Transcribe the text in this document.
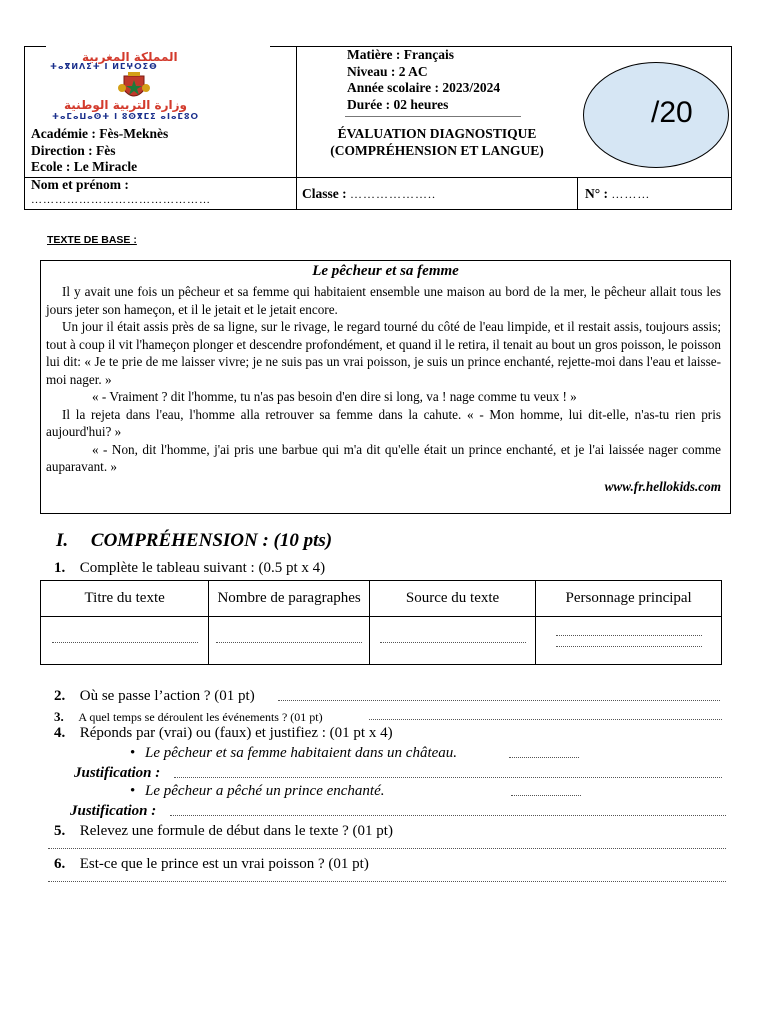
المملكة المغربية
ⵜⴰⴳⵍⴷⵉⵜ ⵏ ⵍⵎⵖⵔⵉⴱ
وزارة التربية الوطنية
ⵜⴰⵎⴰⵡⴰⵙⵜ ⵏ ⵓⵙⴳⵎⵉ ⴰⵏⴰⵎⵓⵔ
Académie : Fès-Meknès
Direction : Fès
Ecole : Le Miracle
Matière : Français
Niveau : 2 AC
Année scolaire : 2023/2024
Durée : 02 heures
ÉVALUATION DIAGNOSTIQUE
(COMPRÉHENSION ET LANGUE)
/20
Nom et prénom :
………………………………………	Classe : ………………..	N° : ………
TEXTE DE BASE :
Le pêcheur et sa femme

Il y avait une fois un pêcheur et sa femme qui habitaient ensemble une maison au bord de la mer, le pêcheur allait tous les jours jeter son hameçon, et il le jetait et le jetait encore.

Un jour il était assis près de sa ligne, sur le rivage, le regard tourné du côté de l'eau limpide, et il restait assis, toujours assis; tout à coup il vit l'hameçon plonger et descendre profondément, et quand il le retira, il tenait au bout un gros poisson, le poisson lui dit: « Je te prie de me laisser vivre; je ne suis pas un vrai poisson, je suis un prince enchanté, rejette-moi dans l'eau et laisse-moi nager. »

« - Vraiment ? dit l'homme, tu n'as pas besoin d'en dire si long, va ! nage comme tu veux ! »

Il la rejeta dans l'eau, l'homme alla retrouver sa femme dans la cahute. « - Mon homme, lui dit-elle, n'as-tu rien pris aujourd'hui? »

« - Non, dit l'homme, j'ai pris une barbue qui m'a dit qu'elle était un prince enchanté, et je l'ai laissée nager comme auparavant. »

www.fr.hellokids.com

I. COMPRÉHENSION : (10 pts)
1. Complète le tableau suivant : (0.5 pt x 4)
Titre du texte	Nombre de paragraphes	Source du texte	Personnage principal

2. Où se passe l’action ? (01 pt)
3. A quel temps se déroulent les événements ? (01 pt)
4. Réponds par (vrai) ou (faux) et justifiez : (01 pt x 4)
• Le pêcheur et sa femme habitaient dans un château.
Justification :
• Le pêcheur a pêché un prince enchanté.
Justification :
5. Relevez une formule de début dans le texte ? (01 pt)
6. Est-ce que le prince est un vrai poisson ? (01 pt)
